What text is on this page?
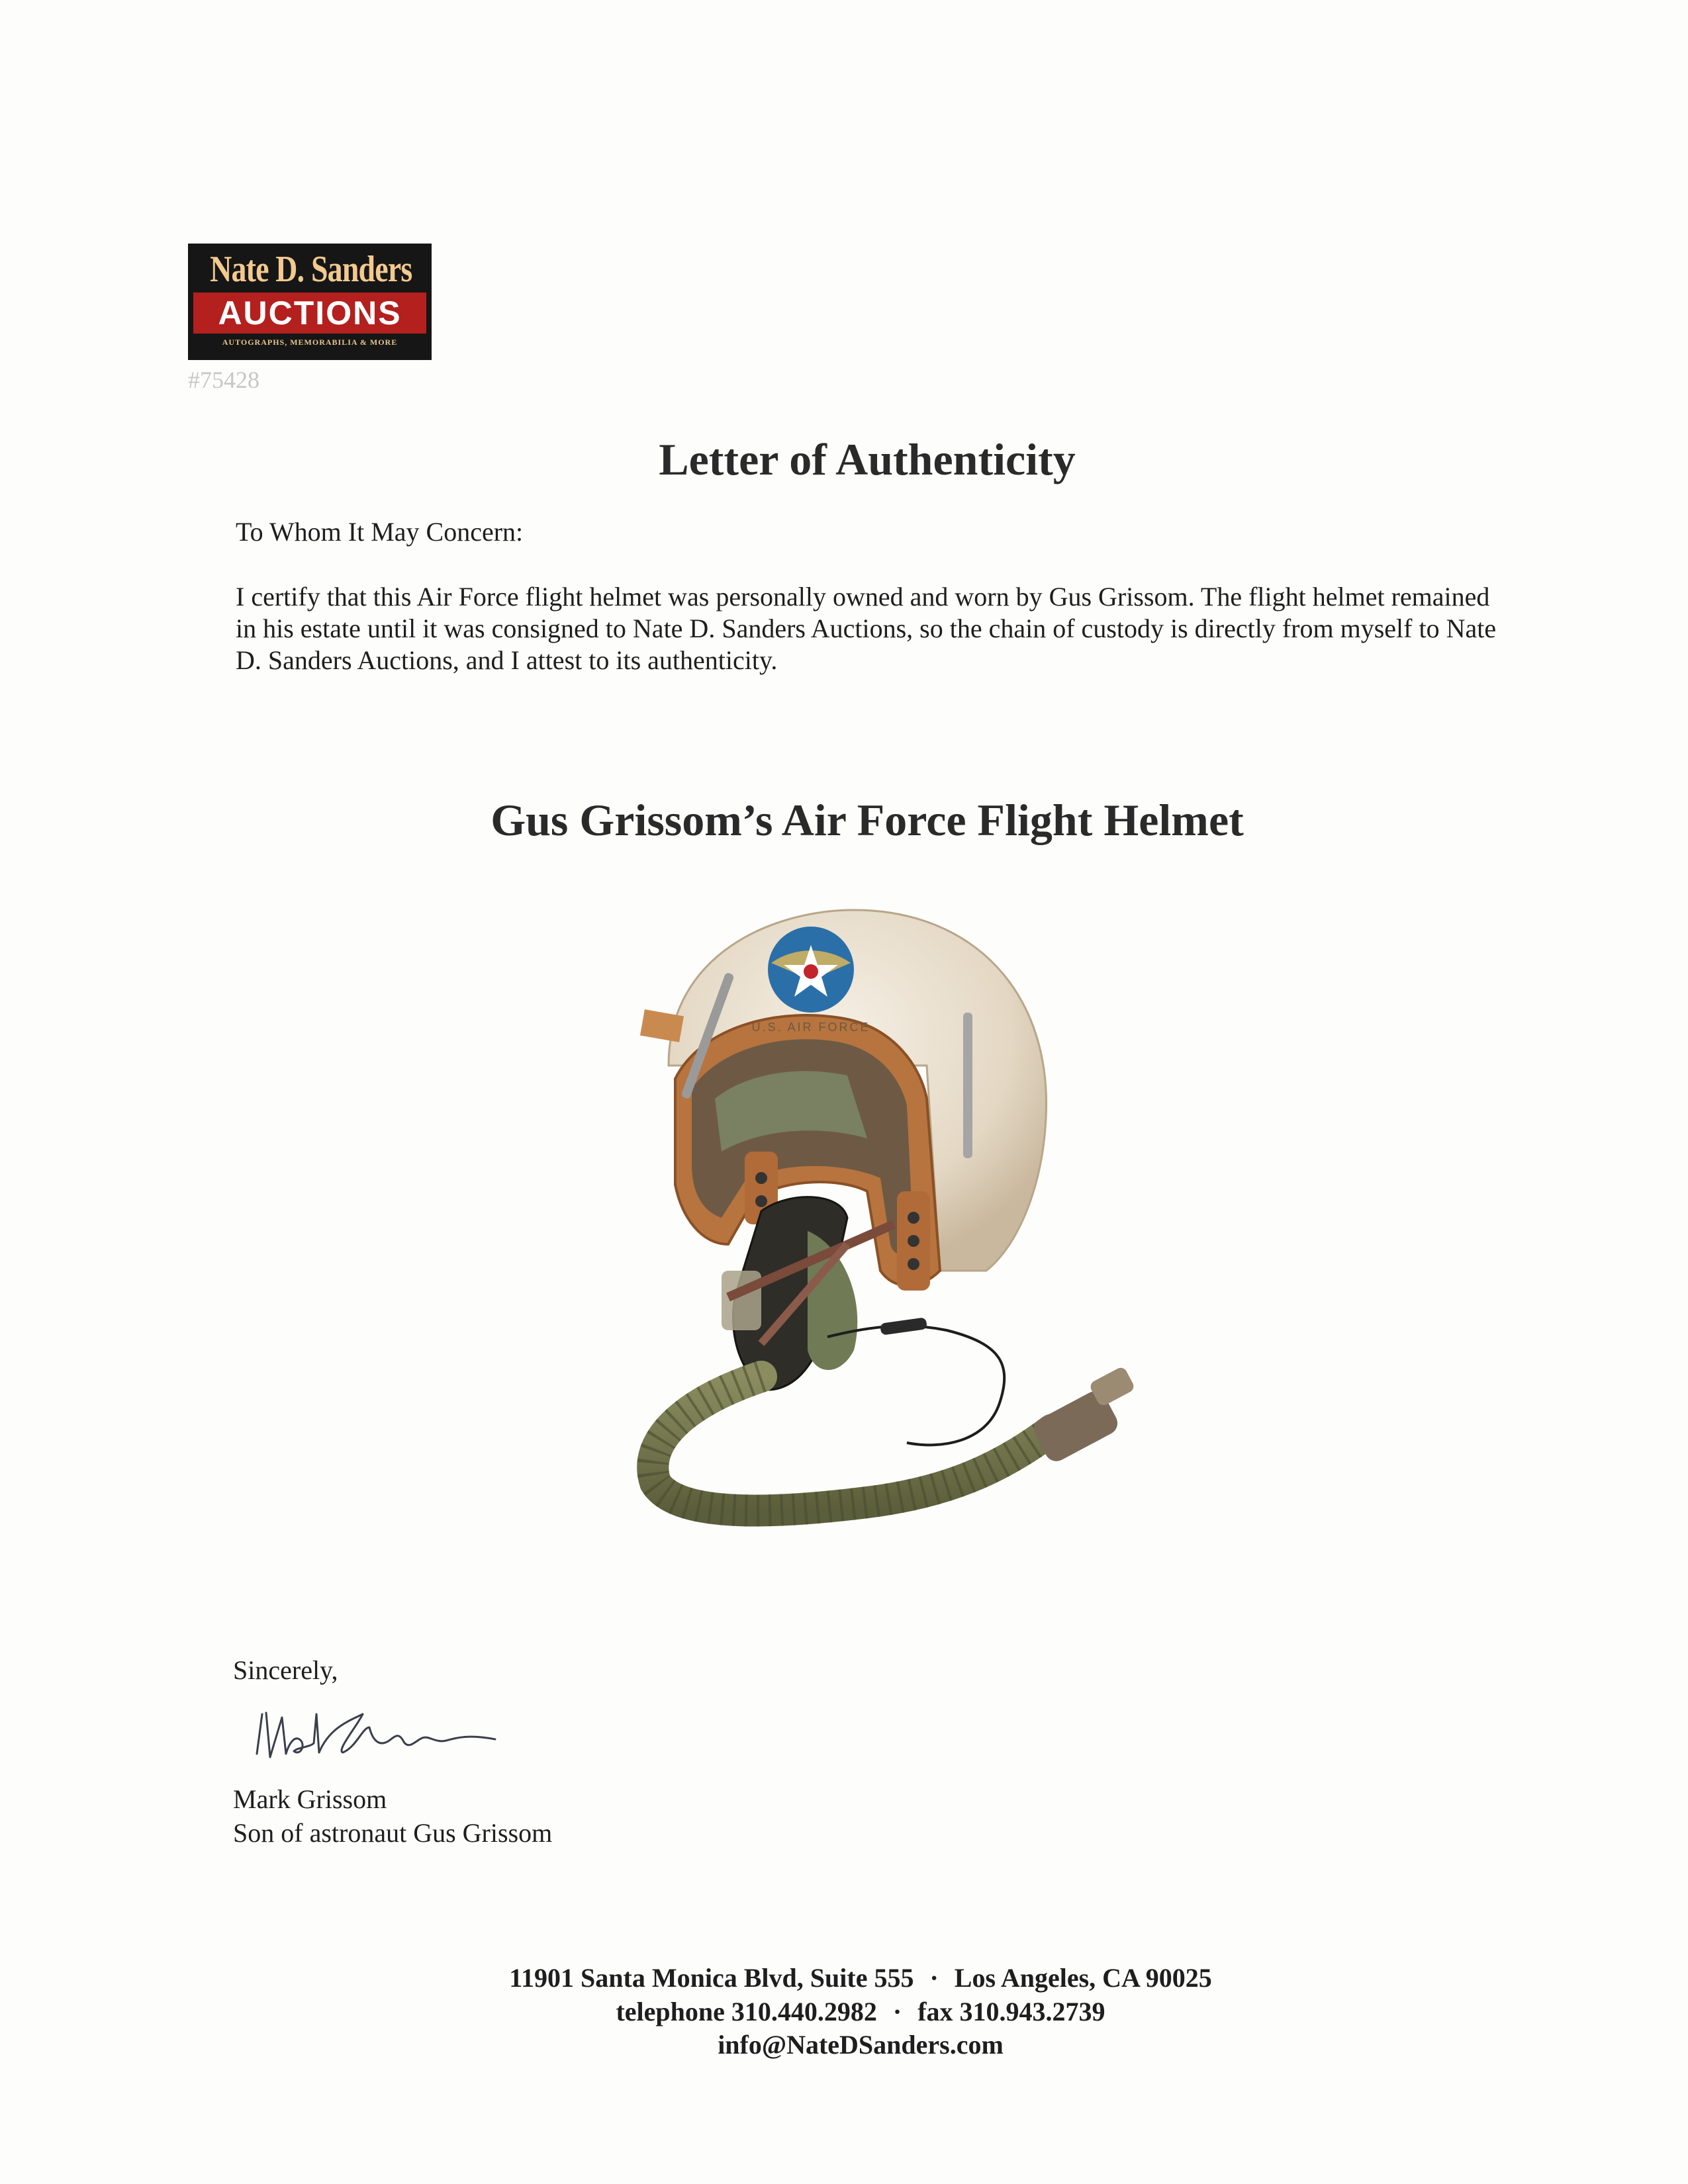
Nate D. Sanders
AUCTIONS
AUTOGRAPHS, MEMORABILIA & MORE
#75428
Letter of Authenticity
To Whom It May Concern:
I certify that this Air Force flight helmet was personally owned and worn by Gus Grissom. The flight helmet remained in his estate until it was consigned to Nate D. Sanders Auctions, so the chain of custody is directly from myself to Nate D. Sanders Auctions, and I attest to its authenticity.
Gus Grissom’s Air Force Flight Helmet
U.S. AIR FORCE
Sincerely,
Mark Grissom
Son of astronaut Gus Grissom
11901 Santa Monica Blvd, Suite 555 · Los Angeles, CA 90025
telephone 310.440.2982 · fax 310.943.2739
info@NateDSanders.com
